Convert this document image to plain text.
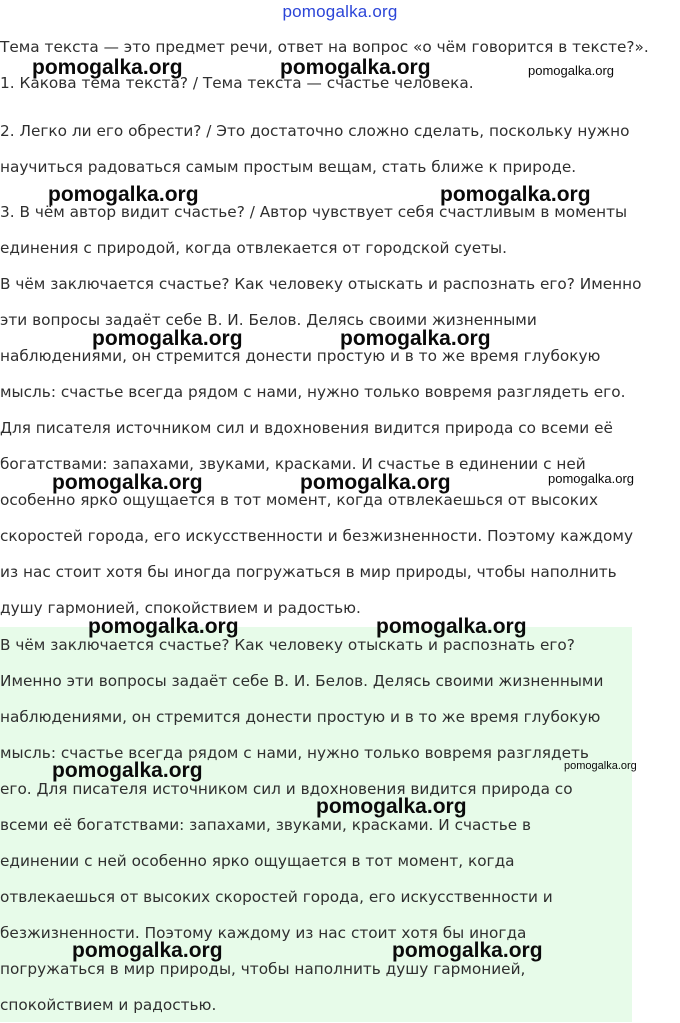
pomogalka.org

Тема текста — это предмет речи, ответ на вопрос «о чём говорится в тексте?».

1. Какова тема текста? / Тема текста — счастье человека.

2. Легко ли его обрести? / Это достаточно сложно сделать, поскольку нужно

научиться радоваться самым простым вещам, стать ближе к природе.

3. В чём автор видит счастье? / Автор чувствует себя счастливым в моменты

единения с природой, когда отвлекается от городской суеты.

В чём заключается счастье? Как человеку отыскать и распознать его? Именно

эти вопросы задаёт себе В. И. Белов. Делясь своими жизненными

наблюдениями, он стремится донести простую и в то же время глубокую

мысль: счастье всегда рядом с нами, нужно только вовремя разглядеть его.

Для писателя источником сил и вдохновения видится природа со всеми её

богатствами: запахами, звуками, красками. И счастье в единении с ней

особенно ярко ощущается в тот момент, когда отвлекаешься от высоких

скоростей города, его искусственности и безжизненности. Поэтому каждому

из нас стоит хотя бы иногда погружаться в мир природы, чтобы наполнить

душу гармонией, спокойствием и радостью.

В чём заключается счастье? Как человеку отыскать и распознать его?

Именно эти вопросы задаёт себе В. И. Белов. Делясь своими жизненными

наблюдениями, он стремится донести простую и в то же время глубокую

мысль: счастье всегда рядом с нами, нужно только вовремя разглядеть

его. Для писателя источником сил и вдохновения видится природа со

всеми её богатствами: запахами, звуками, красками. И счастье в

единении с ней особенно ярко ощущается в тот момент, когда

отвлекаешься от высоких скоростей города, его искусственности и

безжизненности. Поэтому каждому из нас стоит хотя бы иногда

погружаться в мир природы, чтобы наполнить душу гармонией,

спокойствием и радостью.

pomogalka.org	pomogalka.org	pomogalka.org
pomogalka.org	pomogalka.org
pomogalka.org	pomogalka.org
pomogalka.org	pomogalka.org	pomogalka.org
pomogalka.org	pomogalka.org
pomogalka.org	pomogalka.org
pomogalka.org
pomogalka.org	pomogalka.org
